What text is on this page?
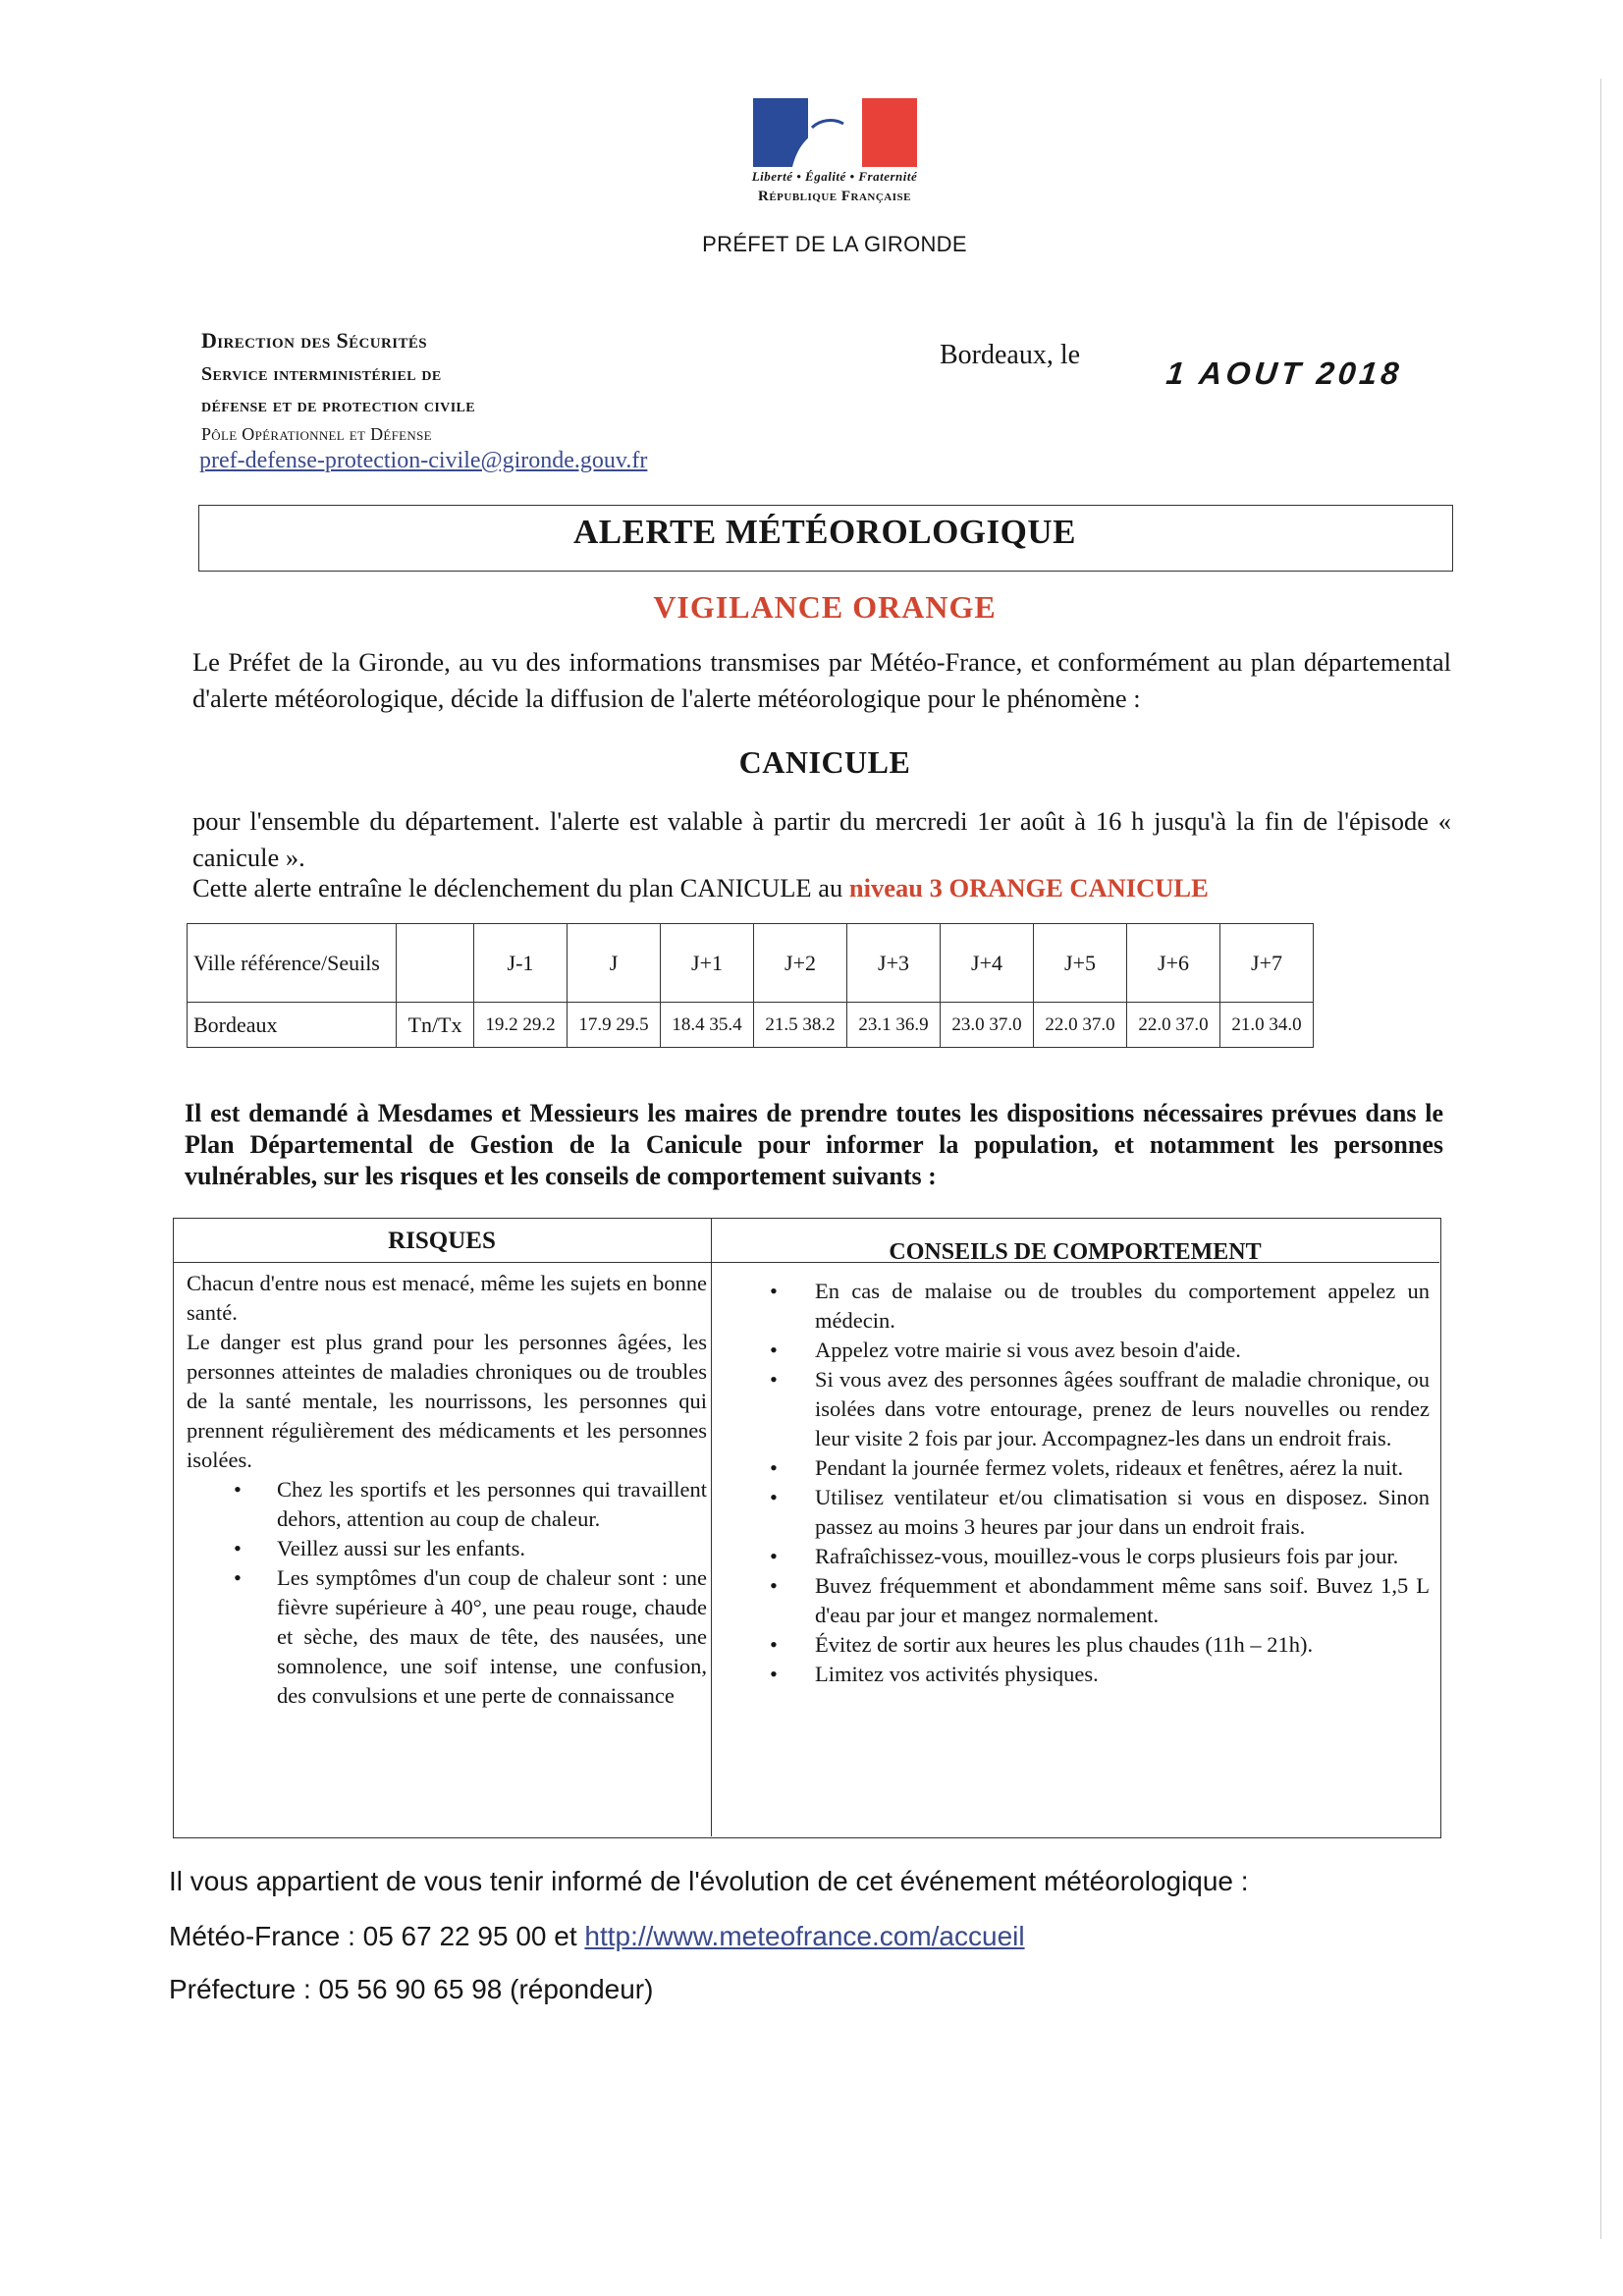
Liberté • Égalité • Fraternité
République Française
PRÉFET DE LA GIRONDE
Direction des Sécurités
Service interministériel de
défense et de protection civile
Pôle Opérationnel et Défense
pref-defense-protection-civile@gironde.gouv.fr
Bordeaux, le
1 AOUT 2018
ALERTE MÉTÉOROLOGIQUE
VIGILANCE ORANGE
Le Préfet de la Gironde, au vu des informations transmises par Météo-France, et conformément au plan départemental d'alerte météorologique, décide la diffusion de l'alerte météorologique pour le phénomène :
CANICULE
pour l'ensemble du département. l'alerte est valable à partir du mercredi 1er août à 16 h jusqu'à la fin de l'épisode « canicule ».
Cette alerte entraîne le déclenchement du plan CANICULE au niveau 3 ORANGE CANICULE
Ville référence/Seuils		J-1	J	J+1	J+2	J+3	J+4	J+5	J+6	J+7
Bordeaux	Tn/Tx	19.2 29.2	17.9 29.5	18.4 35.4	21.5 38.2	23.1 36.9	23.0 37.0	22.0 37.0	22.0 37.0	21.0 34.0
Il est demandé à Mesdames et Messieurs les maires de prendre toutes les dispositions nécessaires prévues dans le Plan Départemental de Gestion de la Canicule pour informer la population, et notamment les personnes vulnérables, sur les risques et les conseils de comportement suivants :
RISQUES	CONSEILS DE COMPORTEMENT
Chacun d'entre nous est menacé, même les sujets en bonne santé.
Le danger est plus grand pour les personnes âgées, les personnes atteintes de maladies chroniques ou de troubles de la santé mentale, les nourrissons, les personnes qui prennent régulièrement des médicaments et les personnes isolées.
• Chez les sportifs et les personnes qui travaillent dehors, attention au coup de chaleur.
• Veillez aussi sur les enfants.
• Les symptômes d'un coup de chaleur sont : une fièvre supérieure à 40°, une peau rouge, chaude et sèche, des maux de tête, des nausées, une somnolence, une soif intense, une confusion, des convulsions et une perte de connaissance
• En cas de malaise ou de troubles du comportement appelez un médecin.
• Appelez votre mairie si vous avez besoin d'aide.
• Si vous avez des personnes âgées souffrant de maladie chronique, ou isolées dans votre entourage, prenez de leurs nouvelles ou rendez leur visite 2 fois par jour. Accompagnez-les dans un endroit frais.
• Pendant la journée fermez volets, rideaux et fenêtres, aérez la nuit.
• Utilisez ventilateur et/ou climatisation si vous en disposez. Sinon passez au moins 3 heures par jour dans un endroit frais.
• Rafraîchissez-vous, mouillez-vous le corps plusieurs fois par jour.
• Buvez fréquemment et abondamment même sans soif. Buvez 1,5 L d'eau par jour et mangez normalement.
• Évitez de sortir aux heures les plus chaudes (11h – 21h).
• Limitez vos activités physiques.
Il vous appartient de vous tenir informé de l'évolution de cet événement météorologique :
Météo-France : 05 67 22 95 00 et http://www.meteofrance.com/accueil
Préfecture : 05 56 90 65 98 (répondeur)
